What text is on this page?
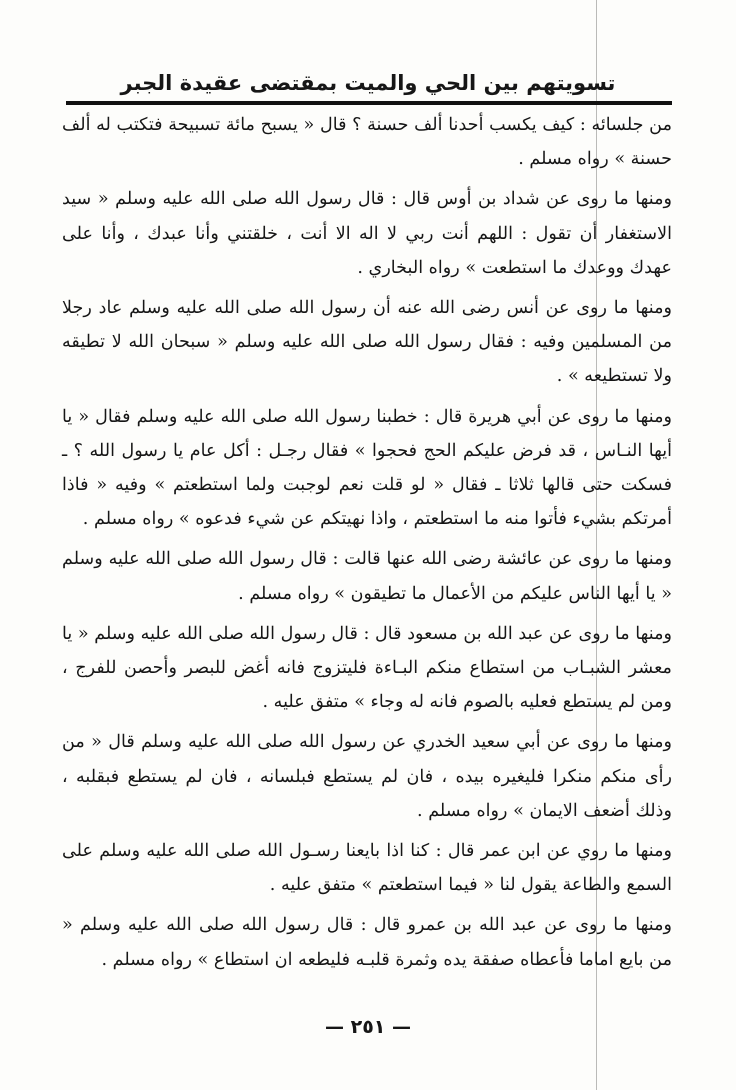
تسويتهم بين الحي والميت بمقتضى عقيدة الجبر

من جلسائه : كيف يكسب أحدنا ألف حسنة ؟ قال « يسبح مائة تسبيحة فتكتب له ألف حسنة » رواه مسلم .

ومنها ما روى عن شداد بن أوس قال : قال رسول الله صلى الله عليه وسلم « سيد الاستغفار أن تقول : اللهم أنت ربي لا اله الا أنت ، خلقتني وأنا عبدك ، وأنا على عهدك ووعدك ما استطعت » رواه البخاري .

ومنها ما روى عن أنس رضى الله عنه أن رسول الله صلى الله عليه وسلم عاد رجلا من المسلمين وفيه : فقال رسول الله صلى الله عليه وسلم « سبحان الله لا تطيقه ولا تستطيعه » .

ومنها ما روى عن أبي هريرة قال : خطبنا رسول الله صلى الله عليه وسلم فقال « يا أيها النـاس ، قد فرض عليكم الحج فحجوا » فقال رجـل : أكل عام يا رسول الله ؟ ـ فسكت حتى قالها ثلاثا ـ فقال « لو قلت نعم لوجبت ولما استطعتم » وفيه « فاذا أمرتكم بشيء فأتوا منه ما استطعتم ، واذا نهيتكم عن شيء فدعوه » رواه مسلم .

ومنها ما روى عن عائشة رضى الله عنها قالت : قال رسول الله صلى الله عليه وسلم « يا أيها الناس عليكم من الأعمال ما تطيقون » رواه مسلم .

ومنها ما روى عن عبد الله بن مسعود قال : قال رسول الله صلى الله عليه وسلم « يا معشر الشبـاب من استطاع منكم البـاءة فليتزوج فانه أغض للبصر وأحصن للفرج ، ومن لم يستطع فعليه بالصوم فانه له وجاء » متفق عليه .

ومنها ما روى عن أبي سعيد الخدري عن رسول الله صلى الله عليه وسلم قال « من رأى منكم منكرا فليغيره بيده ، فان لم يستطع فبلسانه ، فان لم يستطع فبقلبه ، وذلك أضعف الايمان » رواه مسلم .

ومنها ما روي عن ابن عمر قال : كنا اذا بايعنا رسـول الله صلى الله عليه وسلم على السمع والطاعة يقول لنا « فيما استطعتم » متفق عليه .

ومنها ما روى عن عبد الله بن عمرو قال : قال رسول الله صلى الله عليه وسلم « من بايع اماما فأعطاه صفقة يده وثمرة قلبـه فليطعه ان استطاع » رواه مسلم .

— ٢٥١ —
